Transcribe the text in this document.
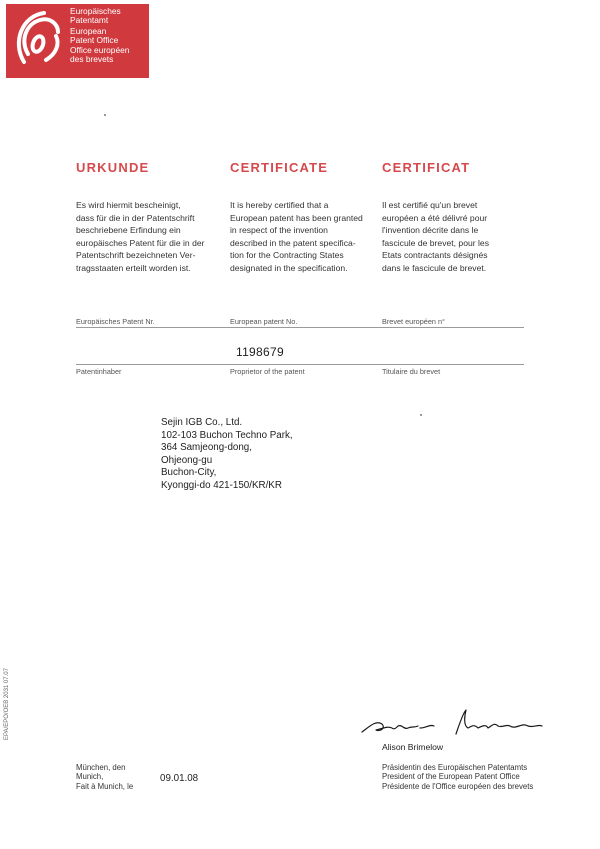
Europäisches
Patentamt
European
Patent Office
Office européen
des brevets
URKUNDE	CERTIFICATE	CERTIFICAT
Es wird hiermit bescheinigt,
dass für die in der Patentschrift
beschriebene Erfindung ein
europäisches Patent für die in der
Patentschrift bezeichneten Ver-
tragsstaaten erteilt worden ist.
It is hereby certified that a
European patent has been granted
in respect of the invention
described in the patent specifica-
tion for the Contracting States
designated in the specification.
Il est certifié qu'un brevet
européen a été délivré pour
l'invention décrite dans le
fascicule de brevet, pour les
Etats contractants désignés
dans le fascicule de brevet.
Europäisches Patent Nr.	European patent No.	Brevet européen n°
1198679
Patentinhaber	Proprietor of the patent	Titulaire du brevet
Sejin IGB Co., Ltd.
102-103 Buchon Techno Park,
364 Samjeong-dong,
Ohjeong-gu
Buchon-City,
Kyonggi-do 421-150/KR/KR
EPA/EPO/OEB 2031 07.07
Alison Brimelow
Präsidentin des Europäischen Patentamts
President of the European Patent Office
Présidente de l'Office européen des brevets
München, den
Munich,
Fait à Munich, le
09.01.08
